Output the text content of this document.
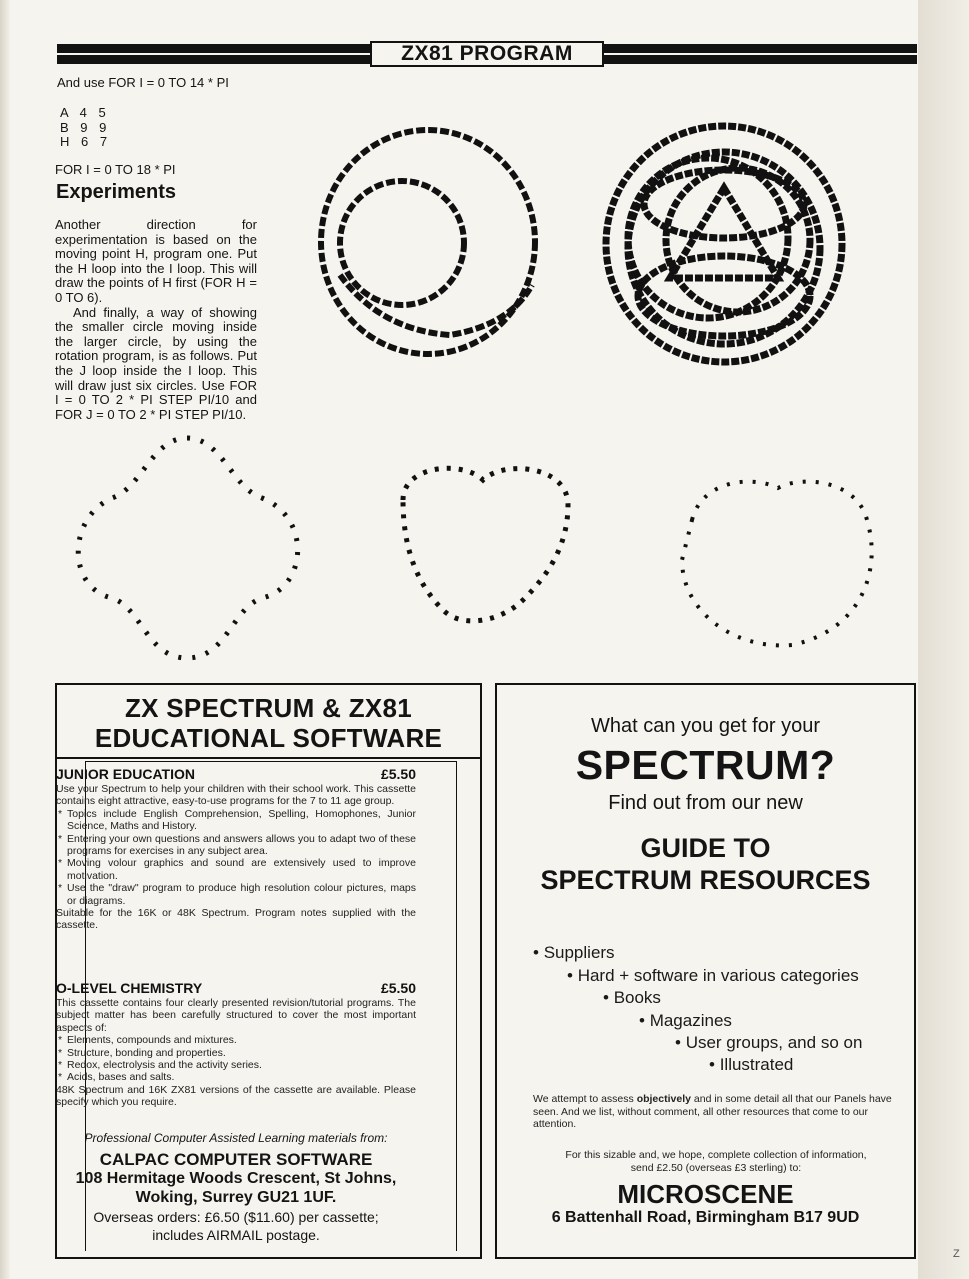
Z
ZX81 PROGRAM
And use FOR I = 0 TO 14 * PI
A 4 5
B 9 9
H 6 7
FOR I = 0 TO 18 * PI
Experiments

Another direction for experimentation is based on the moving point H, program one. Put the H loop into the I loop. This will draw the points of H first (FOR H = 0 TO 6).

And finally, a way of showing the smaller circle moving inside the larger circle, by using the rotation program, is as follows. Put the J loop inside the I loop. This will draw just six circles. Use FOR I = 0 TO 2 * PI STEP PI/10 and FOR J = 0 TO 2 * PI STEP PI/10.

ZX SPECTRUM & ZX81
EDUCATIONAL SOFTWARE
JUNIOR EDUCATION	£5.50

Use your Spectrum to help your children with their school work. This cassette contains eight attractive, easy-to-use programs for the 7 to 11 age group.

* Topics include English Comprehension, Spelling, Homophones, Junior Science, Maths and History.
* Entering your own questions and answers allows you to adapt two of these programs for exercises in any subject area.
* Moving volour graphics and sound are extensively used to improve motivation.
* Use the "draw" program to produce high resolution colour pictures, maps or diagrams.

Suitable for the 16K or 48K Spectrum. Program notes supplied with the cassette.

O-LEVEL CHEMISTRY	£5.50

This cassette contains four clearly presented revision/tutorial programs. The subject matter has been carefully structured to cover the most important aspects of:

* Elements, compounds and mixtures.
* Structure, bonding and properties.
* Redox, electrolysis and the activity series.
* Acids, bases and salts.

48K Spectrum and 16K ZX81 versions of the cassette are available. Please specify which you require.

Professional Computer Assisted Learning materials from:
CALPAC COMPUTER SOFTWARE
108 Hermitage Woods Crescent, St Johns,
Woking, Surrey GU21 1UF.
Overseas orders: £6.50 ($11.60) per cassette;
includes AIRMAIL postage.
What can you get for your
SPECTRUM?
Find out from our new
GUIDE TO
SPECTRUM RESOURCES
• Suppliers
• Hard + software in various categories
• Books
• Magazines
• User groups, and so on
• Illustrated

We attempt to assess objectively and in some detail all that our Panels have seen. And we list, without comment, all other resources that come to our attention.

For this sizable and, we hope, complete collection of information,

send £2.50 (overseas £3 sterling) to:

MICROSCENE
6 Battenhall Road, Birmingham B17 9UD
